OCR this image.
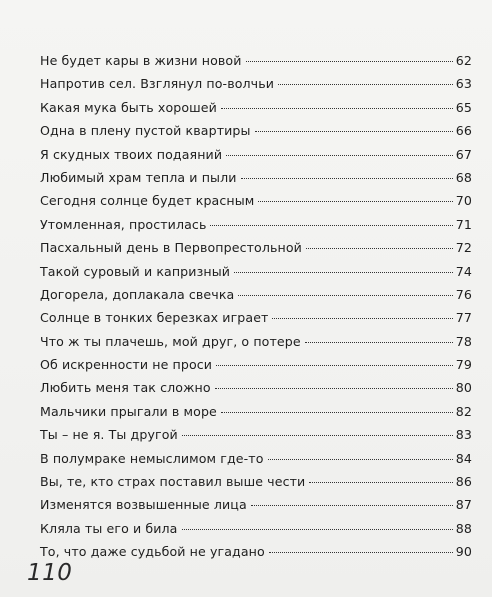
Не будет кары в жизни новой	62
Напротив сел. Взглянул по-волчьи	63
Какая мука быть хорошей	65
Одна в плену пустой квартиры	66
Я скудных твоих подаяний	67
Любимый храм тепла и пыли	68
Сегодня солнце будет красным	70
Утомленная, простилась	71
Пасхальный день в Первопрестольной	72
Такой суровый и капризный	74
Догорела, доплакала свечка	76
Солнце в тонких березках играет	77
Что ж ты плачешь, мой друг, о потере	78
Об искренности не проси	79
Любить меня так сложно	80
Мальчики прыгали в море	82
Ты – не я. Ты другой	83
В полумраке немыслимом где-то	84
Вы, те, кто страх поставил выше чести	86
Изменятся возвышенные лица	87
Кляла ты его и била	88
То, что даже судьбой не угадано	90
110
